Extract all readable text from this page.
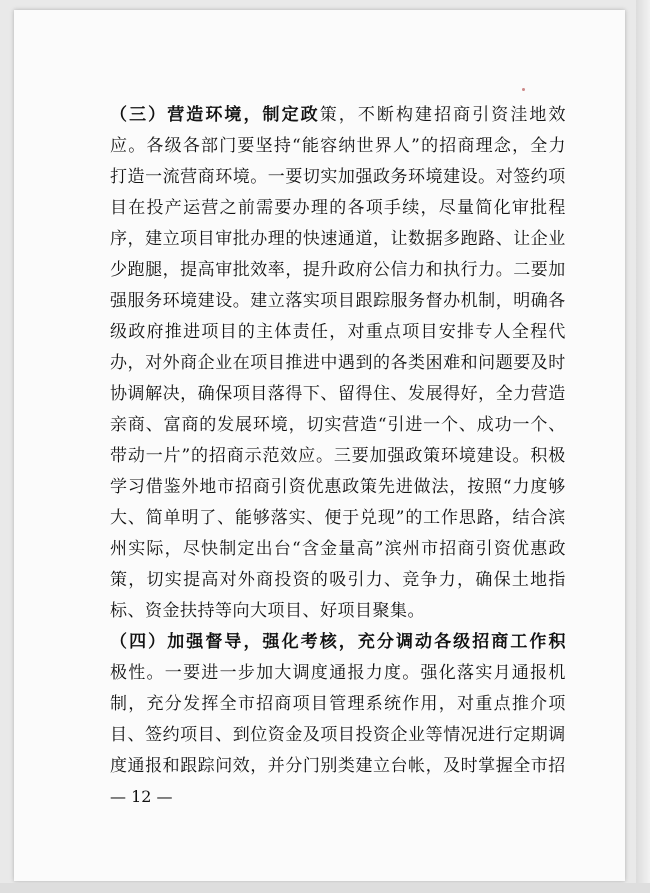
（ 三 ） 营 造 环 境 ， 制 定 政 策 ， 不 断 构 建 招 商 引 资 洼 地 效
应 。 各 级 各 部 门 要 坚 持 “ 能 容 纳 世 界 人 ” 的 招 商 理 念 ， 全 力
打 造 一 流 营 商 环 境 。 一 要 切 实 加 强 政 务 环 境 建 设 。 对 签 约 项
目 在 投 产 运 营 之 前 需 要 办 理 的 各 项 手 续 ， 尽 量 简 化 审 批 程
序 ， 建 立 项 目 审 批 办 理 的 快 速 通 道 ， 让 数 据 多 跑 路 、 让 企 业
少 跑 腿 ， 提 高 审 批 效 率 ， 提 升 政 府 公 信 力 和 执 行 力 。 二 要 加
强 服 务 环 境 建 设 。 建 立 落 实 项 目 跟 踪 服 务 督 办 机 制 ， 明 确 各
级 政 府 推 进 项 目 的 主 体 责 任 ， 对 重 点 项 目 安 排 专 人 全 程 代
办 ， 对 外 商 企 业 在 项 目 推 进 中 遇 到 的 各 类 困 难 和 问 题 要 及 时
协 调 解 决 ， 确 保 项 目 落 得 下 、 留 得 住 、 发 展 得 好 ， 全 力 营 造
亲 商 、 富 商 的 发 展 环 境 ， 切 实 营 造 “ 引 进 一 个 、 成 功 一 个 、
带 动 一 片 ” 的 招 商 示 范 效 应 。 三 要 加 强 政 策 环 境 建 设 。 积 极
学 习 借 鉴 外 地 市 招 商 引 资 优 惠 政 策 先 进 做 法 ， 按 照 “ 力 度 够
大 、 简 单 明 了 、 能 够 落 实 、 便 于 兑 现 ” 的 工 作 思 路 ， 结 合 滨
州 实 际 ， 尽 快 制 定 出 台 “ 含 金 量 高 ” 滨 州 市 招 商 引 资 优 惠 政
策 ， 切 实 提 高 对 外 商 投 资 的 吸 引 力 、 竞 争 力 ， 确 保 土 地 指
标、资金扶持等向大项目、好项目聚集。
（ 四 ） 加 强 督 导 ， 强 化 考 核 ， 充 分 调 动 各 级 招 商 工 作 积
极 性 。 一 要 进 一 步 加 大 调 度 通 报 力 度 。 强 化 落 实 月 通 报 机
制 ， 充 分 发 挥 全 市 招 商 项 目 管 理 系 统 作 用 ， 对 重 点 推 介 项
目 、 签 约 项 目 、 到 位 资 金 及 项 目 投 资 企 业 等 情 况 进 行 定 期 调
度 通 报 和 跟 踪 问 效 ， 并 分 门 别 类 建 立 台 帐 ， 及 时 掌 握 全 市 招
— 12 —
